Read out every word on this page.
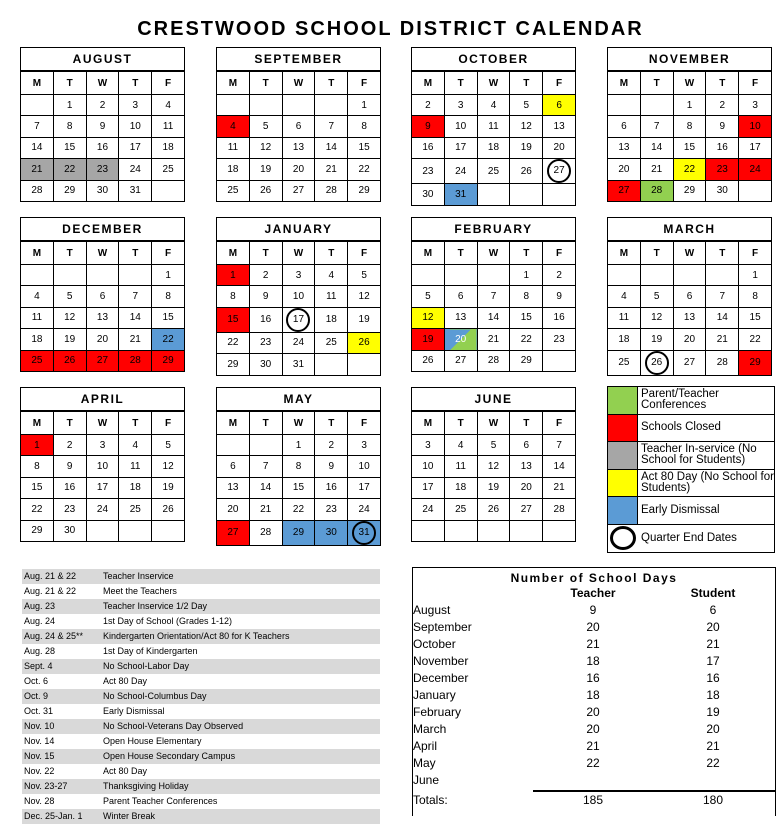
CRESTWOOD SCHOOL DISTRICT CALENDAR
AUGUST
M	T	W	T	F
	1	2	3	4
7	8	9	10	11
14	15	16	17	18
21	22	23	24	25
28	29	30	31	
SEPTEMBER
M	T	W	T	F
				1
4	5	6	7	8
11	12	13	14	15
18	19	20	21	22
25	26	27	28	29
OCTOBER
M	T	W	T	F
2	3	4	5	6
9	10	11	12	13
16	17	18	19	20
23	24	25	26	27
30	31			
NOVEMBER
M	T	W	T	F
		1	2	3
6	7	8	9	10
13	14	15	16	17
20	21	22	23	24
27	28	29	30	
DECEMBER
M	T	W	T	F
				1
4	5	6	7	8
11	12	13	14	15
18	19	20	21	22
25	26	27	28	29
JANUARY
M	T	W	T	F
1	2	3	4	5
8	9	10	11	12
15	16	17	18	19
22	23	24	25	26
29	30	31		
FEBRUARY
M	T	W	T	F
			1	2
5	6	7	8	9
12	13	14	15	16
19	20	21	22	23
26	27	28	29	
MARCH
M	T	W	T	F
				1
4	5	6	7	8
11	12	13	14	15
18	19	20	21	22
25	26	27	28	29
APRIL
M	T	W	T	F
1	2	3	4	5
8	9	10	11	12
15	16	17	18	19
22	23	24	25	26
29	30			
MAY
M	T	W	T	F
		1	2	3
6	7	8	9	10
13	14	15	16	17
20	21	22	23	24
27	28	29	30	31
JUNE
M	T	W	T	F
3	4	5	6	7
10	11	12	13	14
17	18	19	20	21
24	25	26	27	28

Parent/Teacher Conferences
Schools Closed
Teacher In-service (No School for Students)
Act 80 Day (No School for Students)
Early Dismissal
Quarter End Dates
Aug. 21 & 22	Teacher Inservice
Aug. 21 & 22	Meet the Teachers
Aug. 23	Teacher Inservice 1/2 Day
Aug. 24	1st Day of School (Grades 1-12)
Aug. 24 & 25**	Kindergarten Orientation/Act 80 for K Teachers
Aug. 28	1st Day of Kindergarten
Sept. 4	No School-Labor Day
Oct. 6	Act 80 Day
Oct. 9	No School-Columbus Day
Oct. 31	Early Dismissal
Nov. 10	No School-Veterans Day Observed
Nov. 14	Open House Elementary
Nov. 15	Open House Secondary Campus
Nov. 22	Act 80 Day
Nov. 23-27	Thanksgiving Holiday
Nov. 28	Parent Teacher Conferences
Dec. 25-Jan. 1	Winter Break
Number of School Days
Teacher	Student
August	9	6
September	20	20
October	21	21
November	18	17
December	16	16
January	18	18
February	20	19
March	20	20
April	21	21
May	22	22
June
Totals:	185	180
